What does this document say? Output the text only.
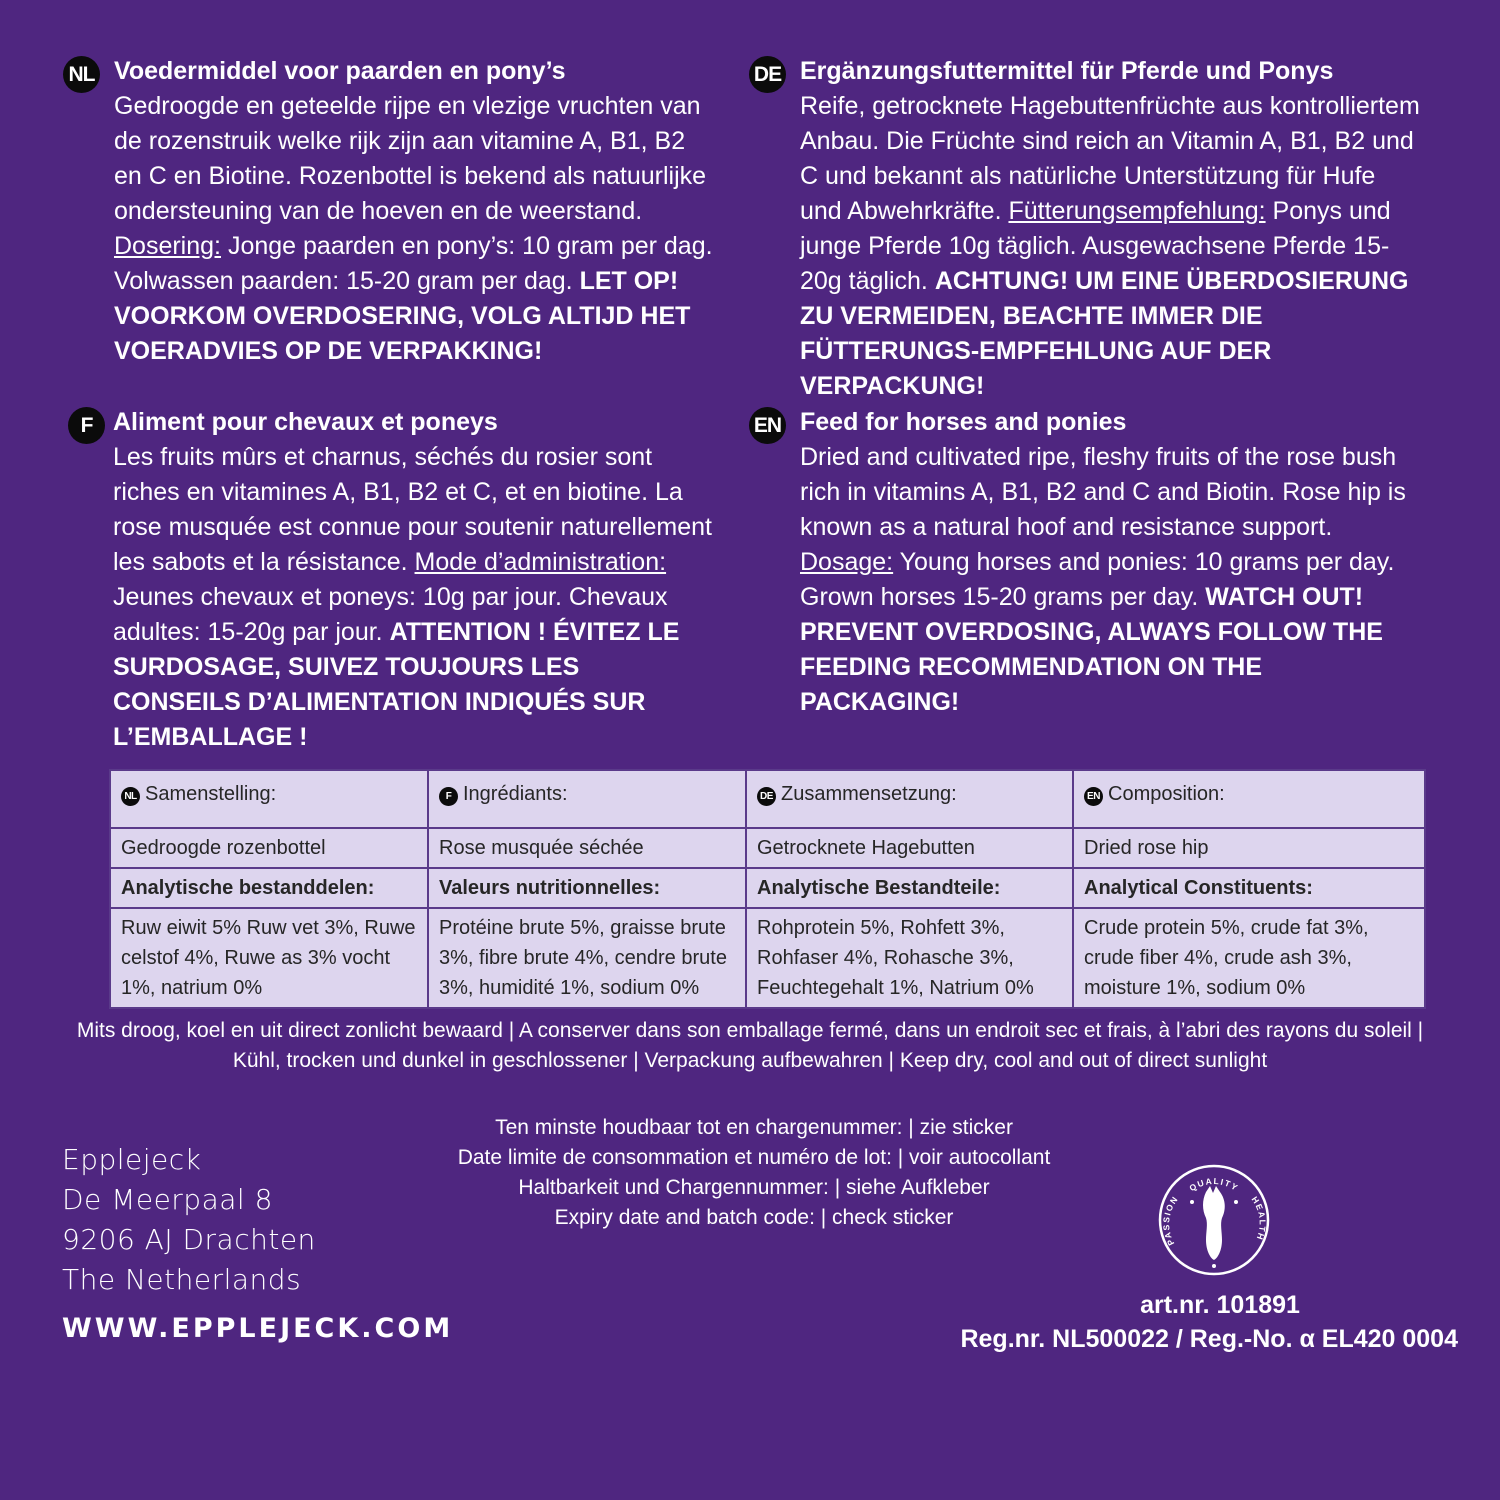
NL Voedermiddel voor paarden en pony’s

Gedroogde en geteelde rijpe en vlezige vruchten van de rozenstruik welke rijk zijn aan vitamine A, B1, B2 en C en Biotine. Rozenbottel is bekend als natuurlijke ondersteuning van de hoeven en de weerstand. Dosering: Jonge paarden en pony’s: 10 gram per dag. Volwassen paarden: 15-20 gram per dag. LET OP! VOORKOM OVERDOSERING, VOLG ALTIJD HET VOERADVIES OP DE VERPAKKING!

DE Ergänzungsfuttermittel für Pferde und Ponys

Reife, getrocknete Hagebuttenfrüchte aus kontrolliertem Anbau. Die Früchte sind reich an Vitamin A, B1, B2 und C und bekannt als natürliche Unterstützung für Hufe und Abwehrkräfte. Fütterungsempfehlung: Ponys und junge Pferde 10g täglich. Ausgewachsene Pferde 15-20g täglich. ACHTUNG! UM EINE ÜBERDOSIERUNG ZU VERMEIDEN, BEACHTE IMMER DIE FÜTTERUNGS-EMPFEHLUNG AUF DER VERPACKUNG!

F Aliment pour chevaux et poneys

Les fruits mûrs et charnus, séchés du rosier sont riches en vitamines A, B1, B2 et C, et en biotine. La rose musquée est connue pour soutenir naturellement les sabots et la résistance. Mode d’administration: Jeunes chevaux et poneys: 10g par jour. Chevaux adultes: 15-20g par jour. ATTENTION ! ÉVITEZ LE SURDOSAGE, SUIVEZ TOUJOURS LES CONSEILS D’ALIMENTATION INDIQUÉS SUR L’EMBALLAGE !

EN Feed for horses and ponies

Dried and cultivated ripe, fleshy fruits of the rose bush rich in vitamins A, B1, B2 and C and Biotin. Rose hip is known as a natural hoof and resistance support. Dosage: Young horses and ponies: 10 grams per day. Grown horses 15-20 grams per day. WATCH OUT! PREVENT OVERDOSING, ALWAYS FOLLOW THE FEEDING RECOMMENDATION ON THE PACKAGING!

NL Samenstelling:	F Ingrédiants:	DE Zusammensetzung:	EN Composition:
Gedroogde rozenbottel	Rose musquée séchée	Getrocknete Hagebutten	Dried rose hip
Analytische bestanddelen:	Valeurs nutritionnelles:	Analytische Bestandteile:	Analytical Constituents:
Ruw eiwit 5% Ruw vet 3%, Ruwe celstof 4%, Ruwe as 3% vocht 1%, natrium 0%	Protéine brute 5%, graisse brute 3%, fibre brute 4%, cendre brute 3%, humidité 1%, sodium 0%	Rohprotein 5%, Rohfett 3%, Rohfaser 4%, Rohasche 3%, Feuchtegehalt 1%, Natrium 0%	Crude protein 5%, crude fat 3%, crude fiber 4%, crude ash 3%, moisture 1%, sodium 0%
Mits droog, koel en uit direct zonlicht bewaard | A conserver dans son emballage fermé, dans un endroit sec et frais, à l’abri des rayons du soleil |
Kühl, trocken und dunkel in geschlossener | Verpackung aufbewahren | Keep dry, cool and out of direct sunlight
Ten minste houdbaar tot en chargenummer: | zie sticker
Date limite de consommation et numéro de lot: | voir autocollant
Haltbarkeit und Chargennummer: | siehe Aufkleber
Expiry date and batch code: | check sticker
Epplejeck
De Meerpaal 8
9206 AJ Drachten
The Netherlands
WWW.EPPLEJECK.COM
QUALITY
HEALTH
PASSION
art.nr. 101891
Reg.nr. NL500022 / Reg.-No. α EL420 0004
